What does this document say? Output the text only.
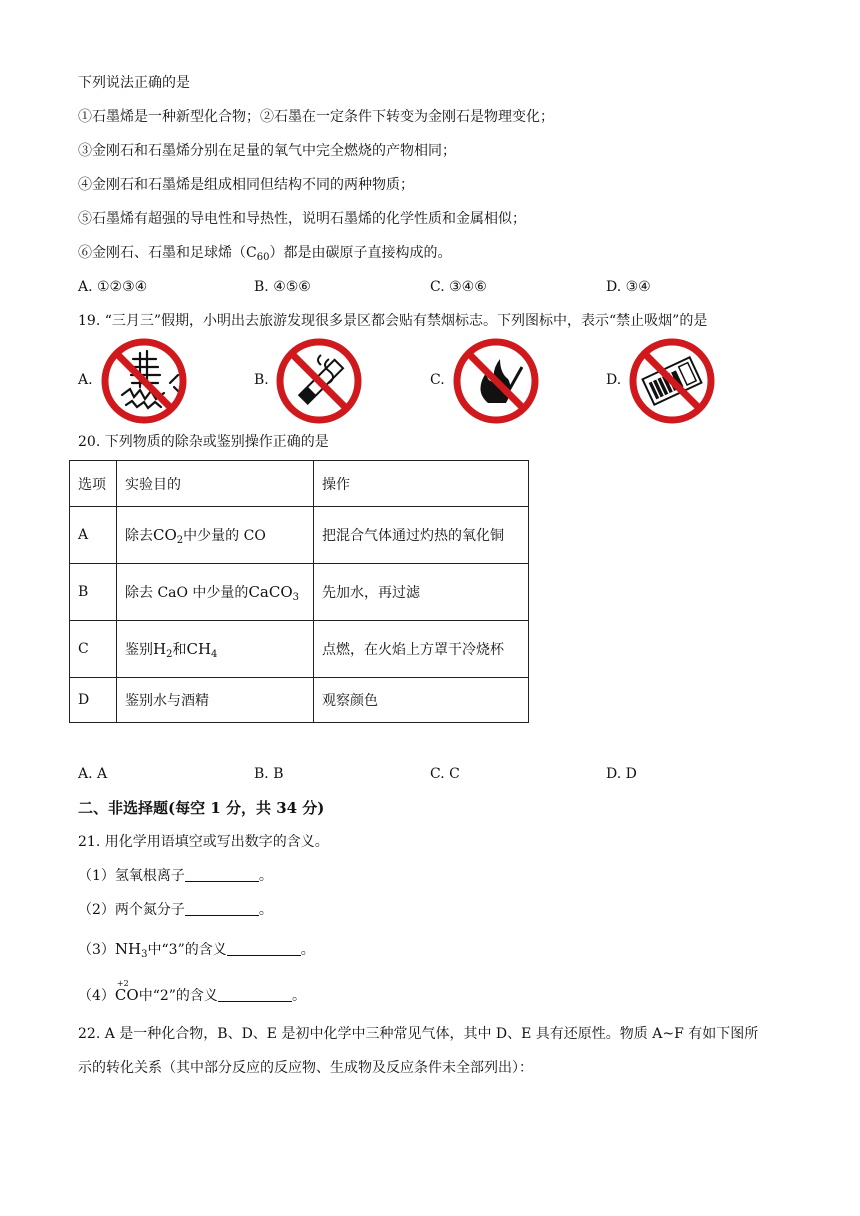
下列说法正确的是
①石墨烯是一种新型化合物；②石墨在一定条件下转变为金刚石是物理变化；
③金刚石和石墨烯分别在足量的氧气中完全燃烧的产物相同；
④金刚石和石墨烯是组成相同但结构不同的两种物质；
⑤石墨烯有超强的导电性和导热性，说明石墨烯的化学性质和金属相似；
⑥金刚石、石墨和足球烯$(C_{60})$都是由碳原子直接构成的。
A. ①②③④	B. ④⑤⑥	C. ③④⑥	D. ③④
19. “三月三”假期，小明出去旅游发现很多景区都会贴有禁烟标志。下列图标中，表示“禁止吸烟”的是
A.	B.	C.	D.
20. 下列物质的除杂或鉴别操作正确的是
选项	实验目的	操作
A	除去$CO_2$中少量的 CO	把混合气体通过灼热的氧化铜
B	除去 CaO 中少量的CaCO$_3$	先加水，再过滤
C	鉴别$H_2$和$CH_4$	点燃，在火焰上方罩干冷烧杯
D	鉴别水与酒精	观察颜色
A. A	B. B	C. C	D. D
二、非选择题(每空 1 分，共 34 分)
21. 用化学用语填空或写出数字的含义。
（1）氢氧根离子	。
（2）两个氮分子	。
$(3)NH_3$中“3”的含义	。
（4）
+2
CO中“2”的含义	。
22. A 是一种化合物，B、D、E 是初中化学中三种常见气体，其中 D、E 具有还原性。物质 A~F 有如下图所
示的转化关系（其中部分反应的反应物、生成物及反应条件未全部列出）：
